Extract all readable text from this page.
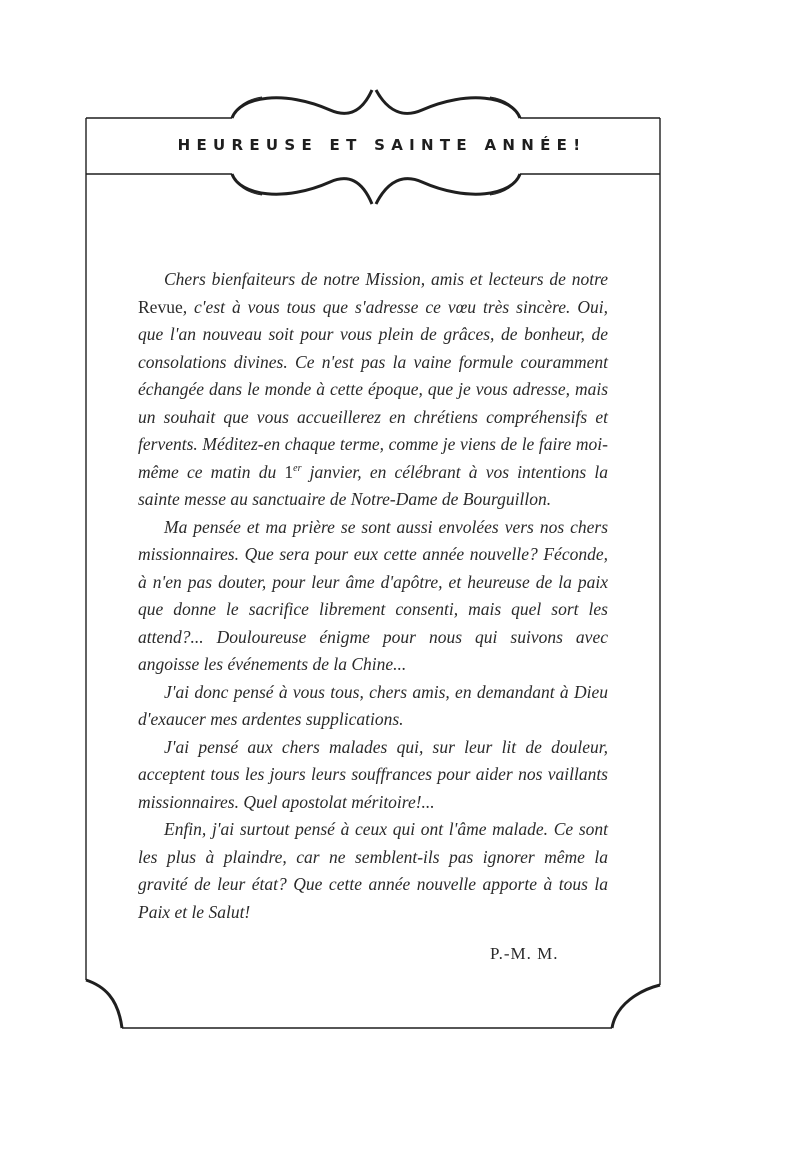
HEUREUSE ET SAINTE ANNÉE!

Chers bienfaiteurs de notre Mission, amis et lecteurs de notre Revue, c'est à vous tous que s'adresse ce vœu très sincère. Oui, que l'an nouveau soit pour vous plein de grâces, de bonheur, de consolations divines. Ce n'est pas la vaine formule couramment échangée dans le monde à cette époque, que je vous adresse, mais un souhait que vous accueillerez en chrétiens compréhensifs et fervents. Méditez-en chaque terme, comme je viens de le faire moi-même ce matin du 1er janvier, en célébrant à vos intentions la sainte messe au sanctuaire de Notre-Dame de Bourguillon.

Ma pensée et ma prière se sont aussi envolées vers nos chers missionnaires. Que sera pour eux cette année nouvelle? Féconde, à n'en pas douter, pour leur âme d'apôtre, et heureuse de la paix que donne le sacrifice librement consenti, mais quel sort les attend?... Douloureuse énigme pour nous qui suivons avec angoisse les événements de la Chine...

J'ai donc pensé à vous tous, chers amis, en demandant à Dieu d'exaucer mes ardentes supplications.

J'ai pensé aux chers malades qui, sur leur lit de douleur, acceptent tous les jours leurs souffrances pour aider nos vaillants missionnaires. Quel apostolat méritoire!...

Enfin, j'ai surtout pensé à ceux qui ont l'âme malade. Ce sont les plus à plaindre, car ne semblent-ils pas ignorer même la gravité de leur état? Que cette année nouvelle apporte à tous la Paix et le Salut!

P.-M. M.
